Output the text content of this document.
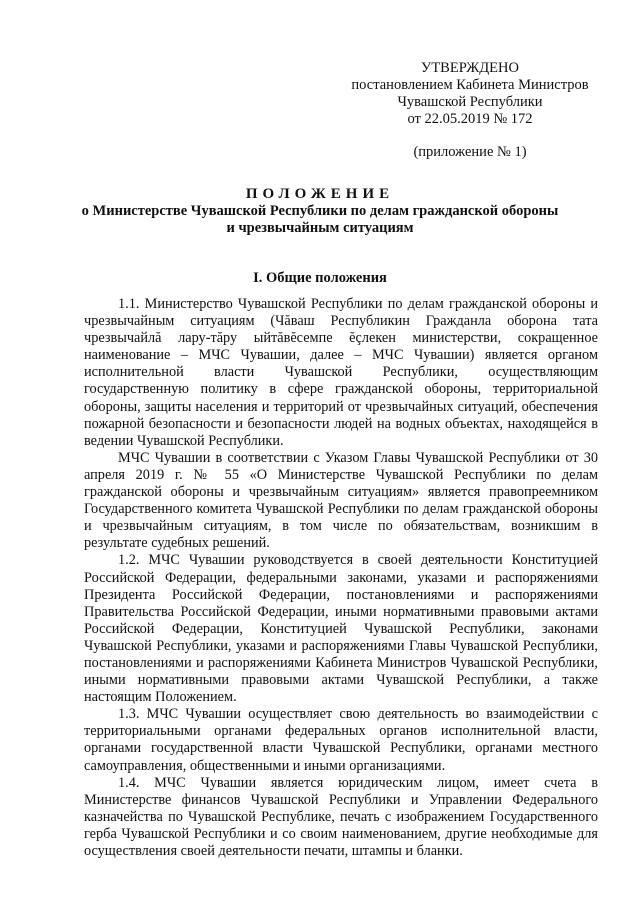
УТВЕРЖДЕНО
постановлением Кабинета Министров
Чувашской Республики
от 22.05.2019 № 172
(приложение № 1)
ПОЛОЖЕНИЕ
о Министерстве Чувашской Республики по делам гражданской обороны
и чрезвычайным ситуациям
I. Общие положения

1.1. Министерство Чувашской Республики по делам гражданской обороны и чрезвычайным ситуациям (Чăваш Республикин Гражданла оборона тата чрезвычайлă лару-тăру ыйтăвĕсемпе ĕçлекен министерстви, сокращенное наименование – МЧС Чувашии, далее – МЧС Чувашии) является органом исполнительной власти Чувашской Республики, осуществляющим государственную политику в сфере гражданской обороны, территориальной обороны, защиты населения и территорий от чрезвычайных ситуаций, обеспечения пожарной безопасности и безопасности людей на водных объектах, находящейся в ведении Чувашской Республики.

МЧС Чувашии в соответствии с Указом Главы Чувашской Республики от 30 апреля 2019 г. № 55 «О Министерстве Чувашской Республики по делам гражданской обороны и чрезвычайным ситуациям» является правопреемником Государственного комитета Чувашской Республики по делам гражданской обороны и чрезвычайным ситуациям, в том числе по обязательствам, возникшим в результате судебных решений.

1.2. МЧС Чувашии руководствуется в своей деятельности Конституцией Российской Федерации, федеральными законами, указами и распоряжениями Президента Российской Федерации, постановлениями и распоряжениями Правительства Российской Федерации, иными нормативными правовыми актами Российской Федерации, Конституцией Чувашской Республики, законами Чувашской Республики, указами и распоряжениями Главы Чувашской Республики, постановлениями и распоряжениями Кабинета Министров Чувашской Республики, иными нормативными правовыми актами Чувашской Республики, а также настоящим Положением.

1.3. МЧС Чувашии осуществляет свою деятельность во взаимодействии с территориальными органами федеральных органов исполнительной власти, органами государственной власти Чувашской Республики, органами местного самоуправления, общественными и иными организациями.

1.4. МЧС Чувашии является юридическим лицом, имеет счета в Министерстве финансов Чувашской Республики и Управлении Федерального казначейства по Чувашской Республике, печать с изображением Государственного герба Чувашской Республики и со своим наименованием, другие необходимые для осуществления своей деятельности печати, штампы и бланки.
